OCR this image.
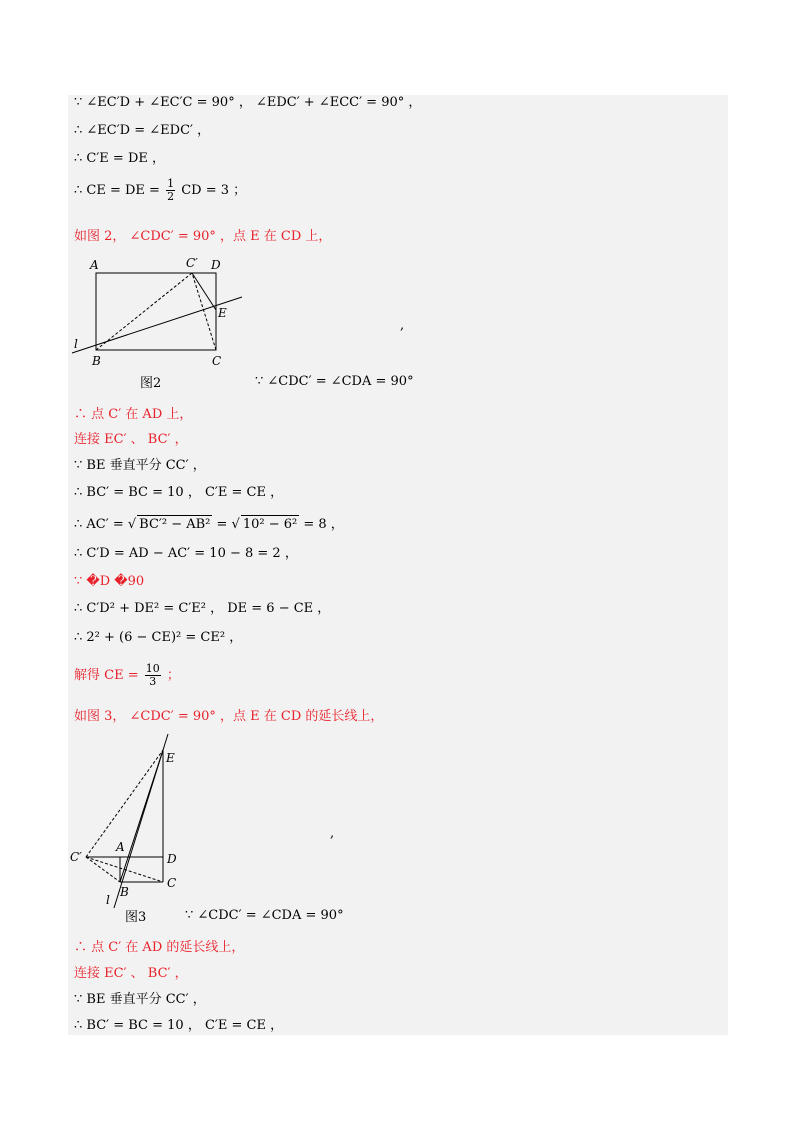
∵ ∠EC′D + ∠EC′C = 90° ， ∠EDC′ + ∠ECC′ = 90° ，
∴ ∠EC′D = ∠EDC′ ，
∴ C′E = DE ，
∴ CE = DE = $\frac{1}{2}$ CD = 3 ；
如图 2， ∠CDC′ = 90° ，点 E 在 CD 上，
A	C′ D
E
l
B	C
,
图2	∵ ∠CDC′ = ∠CDA = 90°
∴ 点 C′ 在 AD 上，
连接 EC′ 、 BC′ ，
∵ BE 垂直平分 CC′ ，
∴ BC′ = BC = 10 ， C′E = CE ，
∴ AC′ = √ BC′² − AB² = √ 10² − 6² = 8 ，
∴ C′D = AD − AC′ = 10 − 8 = 2 ，
∵ �D �90
∴ C′D² + DE² = C′E² ， DE = 6 − CE ，
∴ 2² + (6 − CE)² = CE² ，
解得 CE = $\frac{10}{3}$ ；
如图 3， ∠CDC′ = 90° ，点 E 在 CD 的延长线上，
E
C′
A
D
B
C
l
,
图3	∵ ∠CDC′ = ∠CDA = 90°
∴ 点 C′ 在 AD 的延长线上，
连接 EC′ 、 BC′ ，
∵ BE 垂直平分 CC′ ，
∴ BC′ = BC = 10 ， C′E = CE ，
